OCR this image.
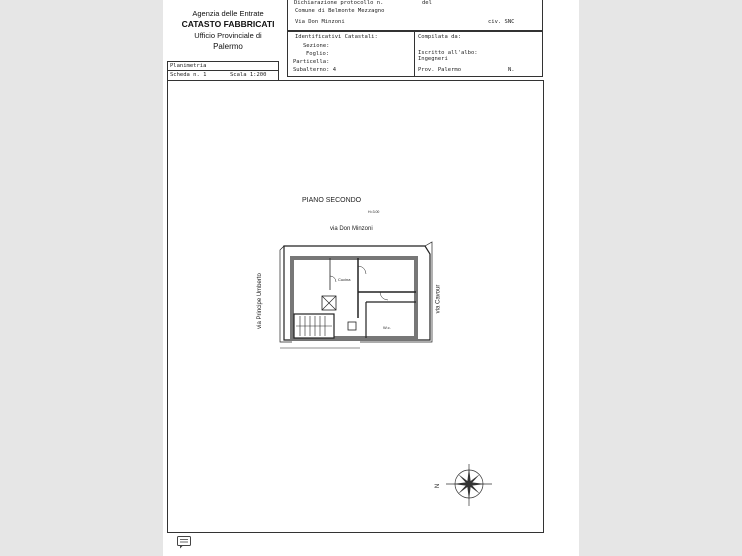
Agenzia delle Entrate
CATASTO FABBRICATI
Ufficio Provinciale di
Palermo
Dichiarazione protocollo n.	del
Comune di Belmonte Mezzagno
Via Don Minzoni	civ. SNC
Identificativi Catastali:
Sezione:
Foglio:
Particella:
Subalterno: 4
Compilata da:
Iscritto all'albo:
Ingegneri
Prov. Palermo	N.
Planimetria
Scheda n. 1	Scala 1:200
PIANO SECONDO
H=3.00
via Don Minzoni
via Principe Umberto	via Cavour
Cucina
W.c.
N
